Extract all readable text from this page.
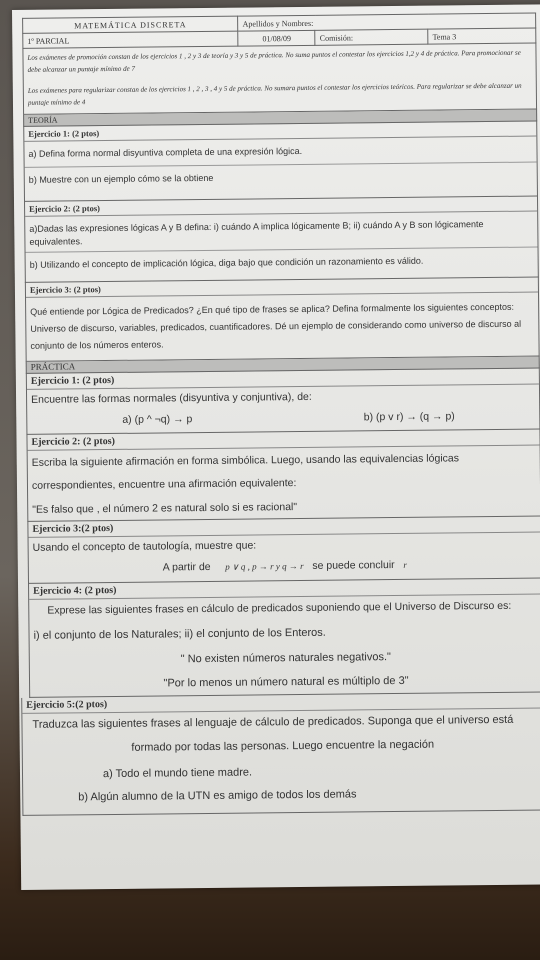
MATEMÁTICA DISCRETA	Apellidos y Nombres:		
1º PARCIAL	01/08/09	Comisión:	Tema 3

Los exámenes de promoción constan de los ejercicios 1 , 2 y 3 de teoría y 3 y 5 de práctica. No suma puntos el contestar los ejercicios 1,2 y 4 de práctica. Para promocionar se debe alcanzar un puntaje mínimo de 7

Los exámenes para regularizar constan de los ejercicios 1 , 2 , 3 , 4 y 5 de práctica. No sumara puntos el contestar los ejercicios teóricos. Para regularizar se debe alcanzar un puntaje mínimo de 4

TEORÍA
Ejercicio 1: (2 ptos)
a) Defina forma normal disyuntiva completa de una expresión lógica.
b) Muestre con un ejemplo cómo se la obtiene
Ejercicio 2: (2 ptos)
a)Dadas las expresiones lógicas A y B defina: i) cuándo A implica lógicamente B; ii) cuándo A y B son lógicamente equivalentes.
b) Utilizando el concepto de implicación lógica, diga bajo que condición un razonamiento es válido.
Ejercicio 3: (2 ptos)
Qué entiende por Lógica de Predicados? ¿En qué tipo de frases se aplica? Defina formalmente los siguientes conceptos: Universo de discurso, variables, predicados, cuantificadores. Dé un ejemplo de considerando como universo de discurso al conjunto de los números enteros.
PRÁCTICA
Ejercicio 1: (2 ptos)
Encuentre las formas normales (disyuntiva y conjuntiva), de:
a) (p ^ ¬q) → p	b) (p v r) → (q → p)
Ejercicio 2: (2 ptos)
Escriba la siguiente afirmación en forma simbólica. Luego, usando las equivalencias lógicas
correspondientes, encuentre una afirmación equivalente:
"Es falso que , el número 2 es natural solo si es racional"
Ejercicio 3:(2 ptos)
Usando el concepto de tautología, muestre que:
A partir de p ∨ q , p → r y q → r se puede concluir r
Ejercicio 4: (2 ptos)
Exprese las siguientes frases en cálculo de predicados suponiendo que el Universo de Discurso es:
i) el conjunto de los Naturales; ii) el conjunto de los Enteros.
" No existen números naturales negativos."
"Por lo menos un número natural es múltiplo de 3"
Ejercicio 5:(2 ptos)
Traduzca las siguientes frases al lenguaje de cálculo de predicados. Suponga que el universo está
formado por todas las personas. Luego encuentre la negación
a) Todo el mundo tiene madre.
b) Algún alumno de la UTN es amigo de todos los demás
